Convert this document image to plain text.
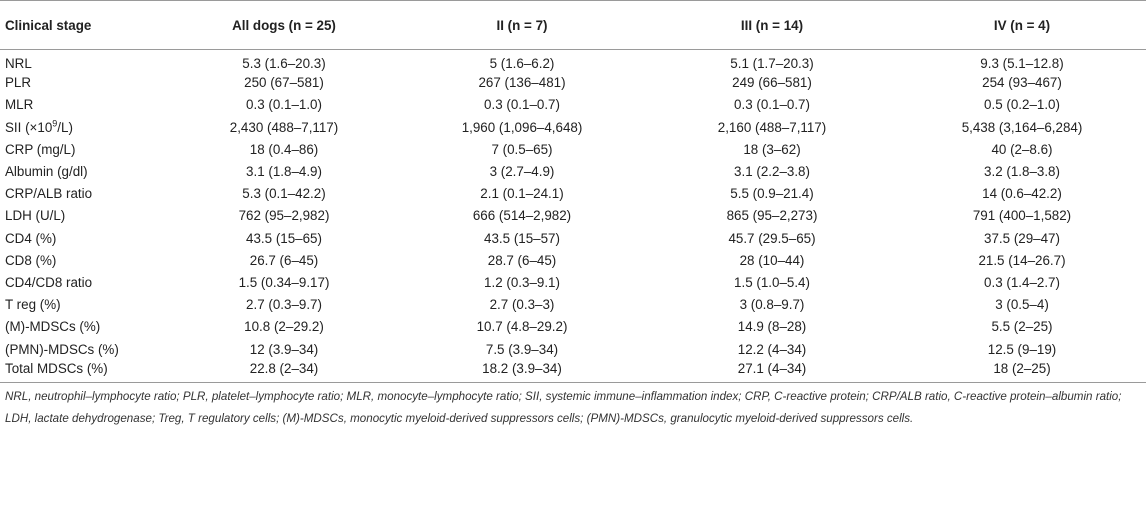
Clinical stage	All dogs (n = 25)	II (n = 7)	III (n = 14)	IV (n = 4)
NRL	5.3 (1.6–20.3)	5 (1.6–6.2)	5.1 (1.7–20.3)	9.3 (5.1–12.8)
PLR	250 (67–581)	267 (136–481)	249 (66–581)	254 (93–467)
MLR	0.3 (0.1–1.0)	0.3 (0.1–0.7)	0.3 (0.1–0.7)	0.5 (0.2–1.0)
SII $(\times 10^9/L)$	2,430 (488–7,117)	1,960 (1,096–4,648)	2,160 (488–7,117)	5,438 (3,164–6,284)
CRP (mg/L)	18 (0.4–86)	7 (0.5–65)	18 (3–62)	40 (2–8.6)
Albumin (g/dl)	3.1 (1.8–4.9)	3 (2.7–4.9)	3.1 (2.2–3.8)	3.2 (1.8–3.8)
CRP/ALB ratio	5.3 (0.1–42.2)	2.1 (0.1–24.1)	5.5 (0.9–21.4)	14 (0.6–42.2)
LDH (U/L)	762 (95–2,982)	666 (514–2,982)	865 (95–2,273)	791 (400–1,582)
CD4 (%)	43.5 (15–65)	43.5 (15–57)	45.7 (29.5–65)	37.5 (29–47)
CD8 (%)	26.7 (6–45)	28.7 (6–45)	28 (10–44)	21.5 (14–26.7)
CD4/CD8 ratio	1.5 (0.34–9.17)	1.2 (0.3–9.1)	1.5 (1.0–5.4)	0.3 (1.4–2.7)
T reg (%)	2.7 (0.3–9.7)	2.7 (0.3–3)	3 (0.8–9.7)	3 (0.5–4)
(M)-MDSCs (%)	10.8 (2–29.2)	10.7 (4.8–29.2)	14.9 (8–28)	5.5 (2–25)
(PMN)-MDSCs (%)	12 (3.9–34)	7.5 (3.9–34)	12.2 (4–34)	12.5 (9–19)
Total MDSCs (%)	22.8 (2–34)	18.2 (3.9–34)	27.1 (4–34)	18 (2–25)
NRL, neutrophil–lymphocyte ratio; PLR, platelet–lymphocyte ratio; MLR, monocyte–lymphocyte ratio; SII, systemic immune–inflammation index; CRP, C-reactive protein; CRP/ALB ratio, C-reactive protein–albumin ratio; LDH, lactate dehydrogenase; Treg, T regulatory cells; (M)-MDSCs, monocytic myeloid-derived suppressors cells; (PMN)-MDSCs, granulocytic myeloid-derived suppressors cells.
